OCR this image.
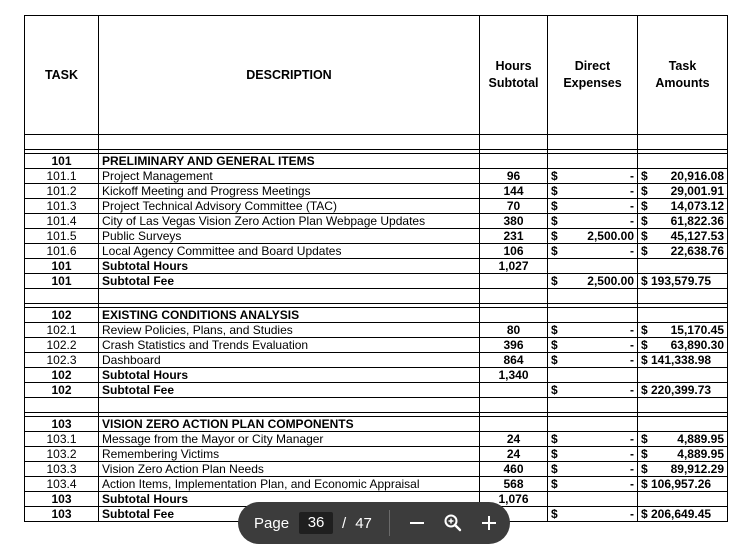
TASK	DESCRIPTION	Hours Subtotal	Direct Expenses	Task Amounts

101	PRELIMINARY AND GENERAL ITEMS			
101.1	Project Management	96	$ -	$ 20,916.08

101.2	Kickoff Meeting and Progress Meetings	144	$ -	$ 29,001.91

101.3	Project Technical Advisory Committee (TAC)	70	$ -	$ 14,073.12

101.4	City of Las Vegas Vision Zero Action Plan Webpage Updates	380	$ -	$ 61,822.36

101.5	Public Surveys	231	$ 2,500.00	$ 45,127.53

101.6	Local Agency Committee and Board Updates	106	$ -	$ 22,638.76

101	Subtotal Hours	1,027		
101	Subtotal Fee		$ 2,500.00	$ 193,579.75

102	EXISTING CONDITIONS ANALYSIS			
102.1	Review Policies, Plans, and Studies	80	$ -	$ 15,170.45

102.2	Crash Statistics and Trends Evaluation	396	$ -	$ 63,890.30

102.3	Dashboard	864	$ -	$ 141,338.98

102	Subtotal Hours	1,340		
102	Subtotal Fee		$ -	$ 220,399.73

103	VISION ZERO ACTION PLAN COMPONENTS			
103.1	Message from the Mayor or City Manager	24	$ -	$ 4,889.95

103.2	Remembering Victims	24	$ -	$ 4,889.95

103.3	Vision Zero Action Plan Needs	460	$ -	$ 89,912.29

103.4	Action Items, Implementation Plan, and Economic Appraisal	568	$ -	$ 106,957.26

103	Subtotal Hours	1,076		
103	Subtotal Fee		$ -	$ 206,649.45
Page	36	/ 47
